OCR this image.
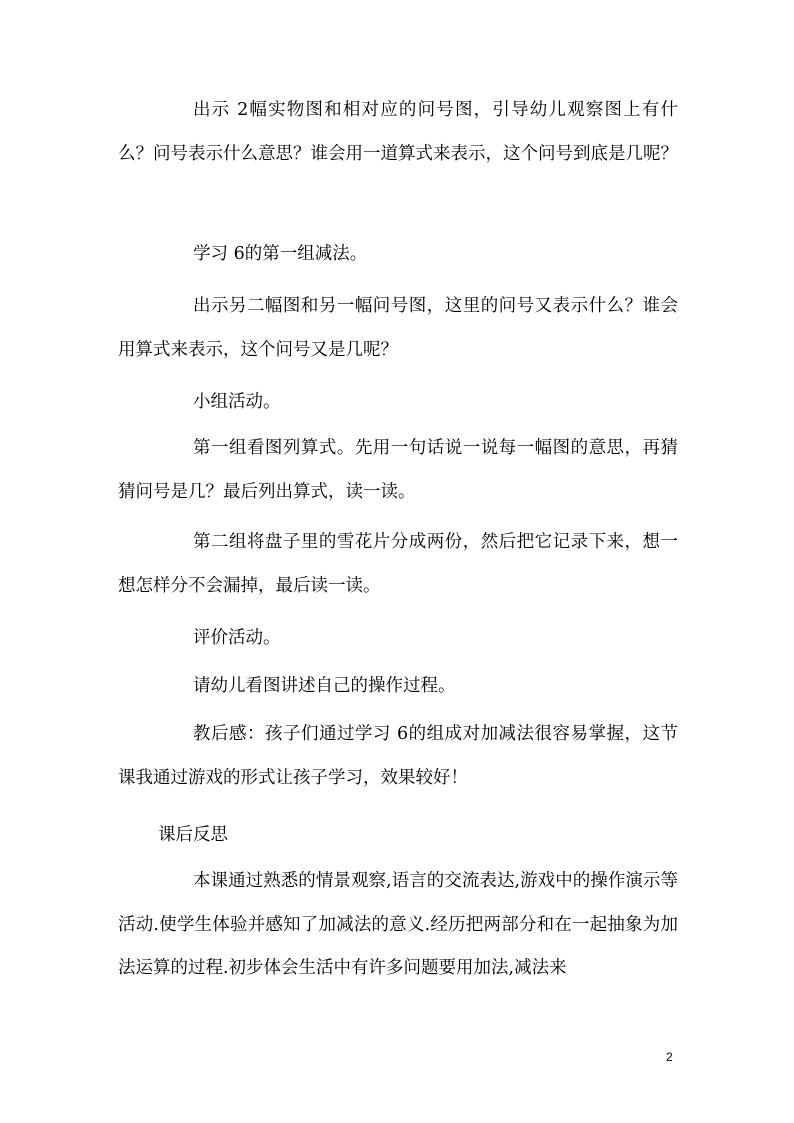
出示 2幅实物图和相对应的问号图，引导幼儿观察图上有什么？问号表示什么意思？谁会用一道算式来表示，这个问号到底是几呢？

学习 6的第一组减法。

出示另二幅图和另一幅问号图，这里的问号又表示什么？谁会用算式来表示，这个问号又是几呢？

小组活动。

第一组看图列算式。先用一句话说一说每一幅图的意思，再猜猜问号是几？最后列出算式，读一读。

第二组将盘子里的雪花片分成两份，然后把它记录下来，想一想怎样分不会漏掉，最后读一读。

评价活动。

请幼儿看图讲述自己的操作过程。

教后感：孩子们通过学习 6的组成对加减法很容易掌握，这节课我通过游戏的形式让孩子学习，效果较好！

课后反思

本课通过熟悉的情景观察,语言的交流表达,游戏中的操作演示等活动.使学生体验并感知了加减法的意义.经历把两部分和在一起抽象为加法运算的过程.初步体会生活中有许多问题要用加法,减法来

2
